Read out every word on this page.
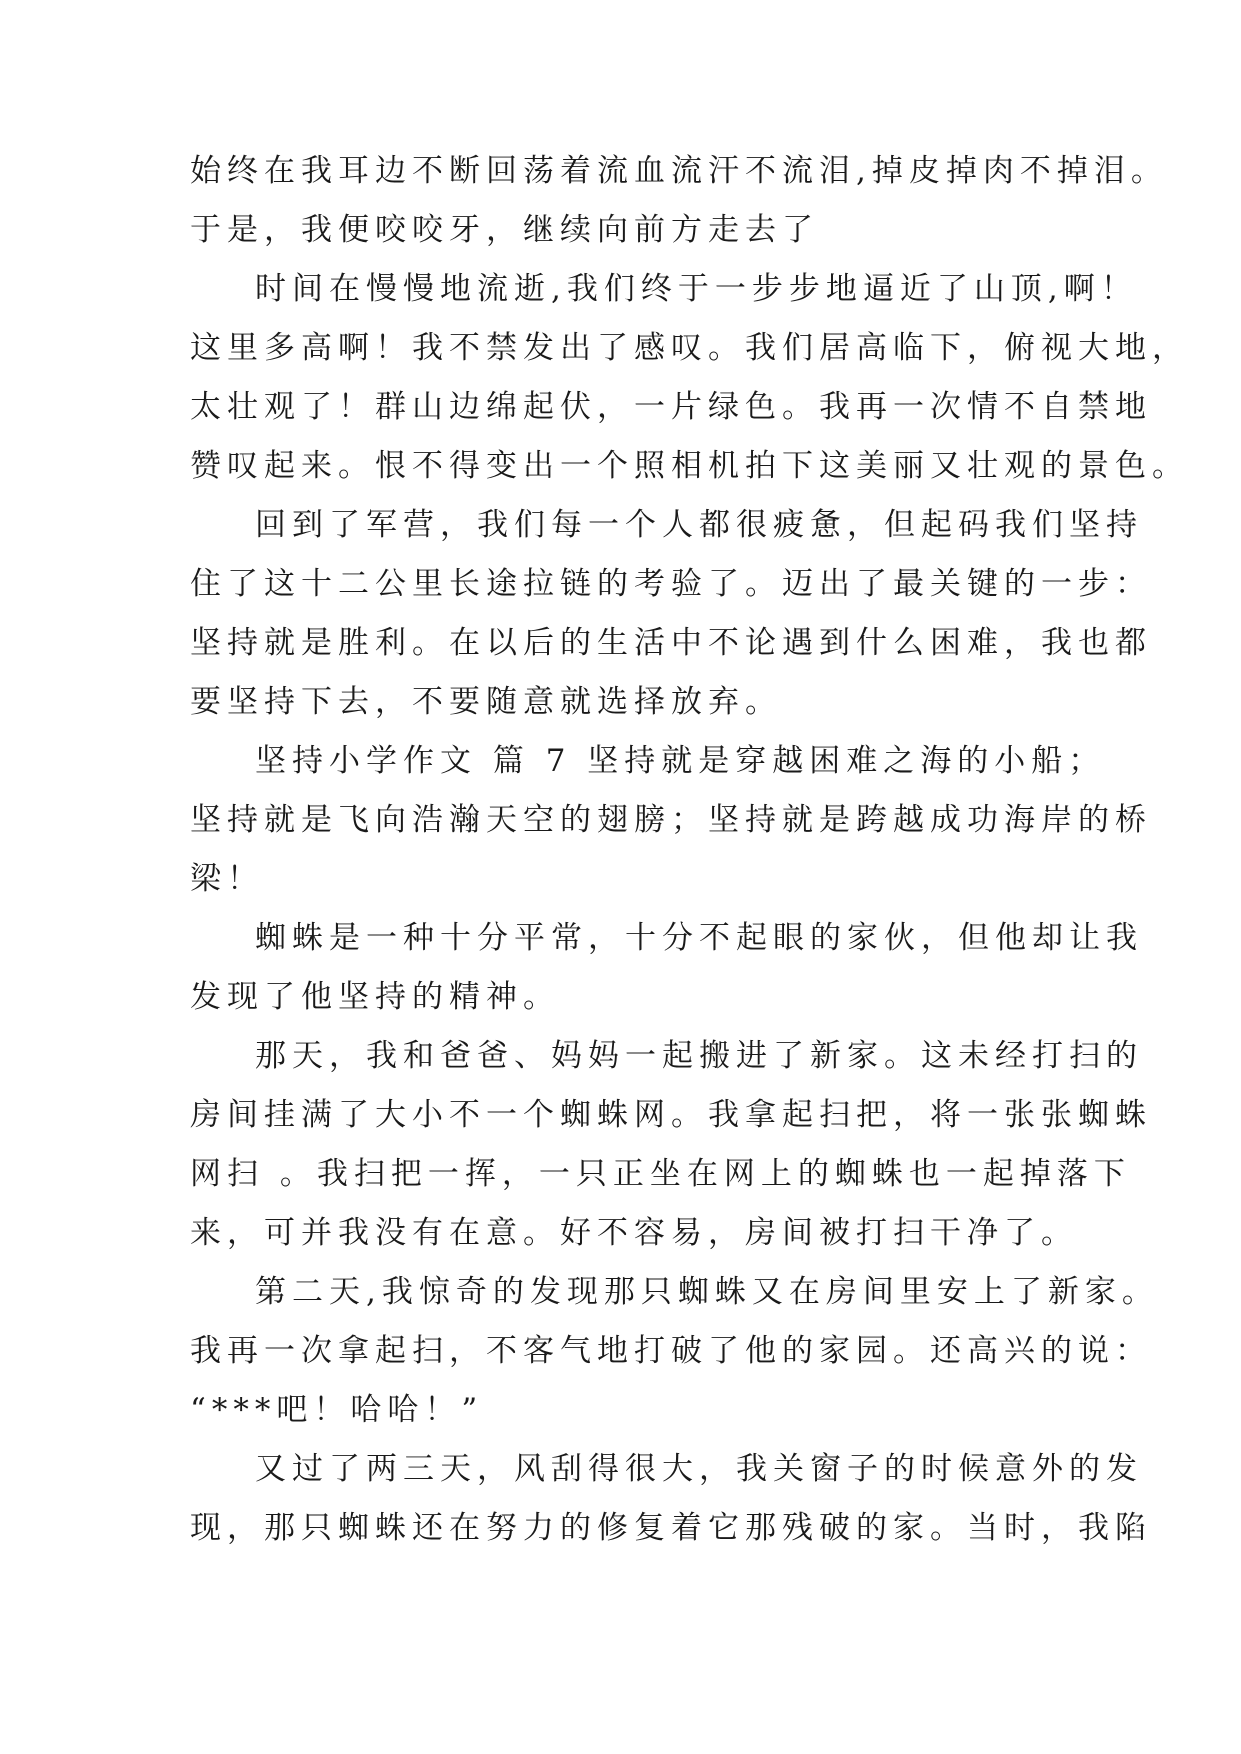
始终在我耳边不断回荡着流血流汗不流泪,掉皮掉肉不掉泪。
于是，我便咬咬牙，继续向前方走去了
时间在慢慢地流逝,我们终于一步步地逼近了山顶,啊！
这里多高啊！我不禁发出了感叹。我们居高临下，俯视大地，
太壮观了！群山边绵起伏，一片绿色。我再一次情不自禁地
赞叹起来。恨不得变出一个照相机拍下这美丽又壮观的景色。
回到了军营，我们每一个人都很疲惫，但起码我们坚持
住了这十二公里长途拉链的考验了。迈出了最关键的一步：
坚持就是胜利。在以后的生活中不论遇到什么困难，我也都
要坚持下去，不要随意就选择放弃。
坚持小学作文 篇 7 坚持就是穿越困难之海的小船；
坚持就是飞向浩瀚天空的翅膀；坚持就是跨越成功海岸的桥
梁！
蜘蛛是一种十分平常，十分不起眼的家伙，但他却让我
发现了他坚持的精神。
那天，我和爸爸、妈妈一起搬进了新家。这未经打扫的
房间挂满了大小不一个蜘蛛网。我拿起扫把，将一张张蜘蛛
网扫 。我扫把一挥，一只正坐在网上的蜘蛛也一起掉落下
来，可并我没有在意。好不容易，房间被打扫干净了。
第二天,我惊奇的发现那只蜘蛛又在房间里安上了新家。
我再一次拿起扫，不客气地打破了他的家园。还高兴的说：
“***吧！哈哈！”
又过了两三天，风刮得很大，我关窗子的时候意外的发
现，那只蜘蛛还在努力的修复着它那残破的家。当时，我陷
